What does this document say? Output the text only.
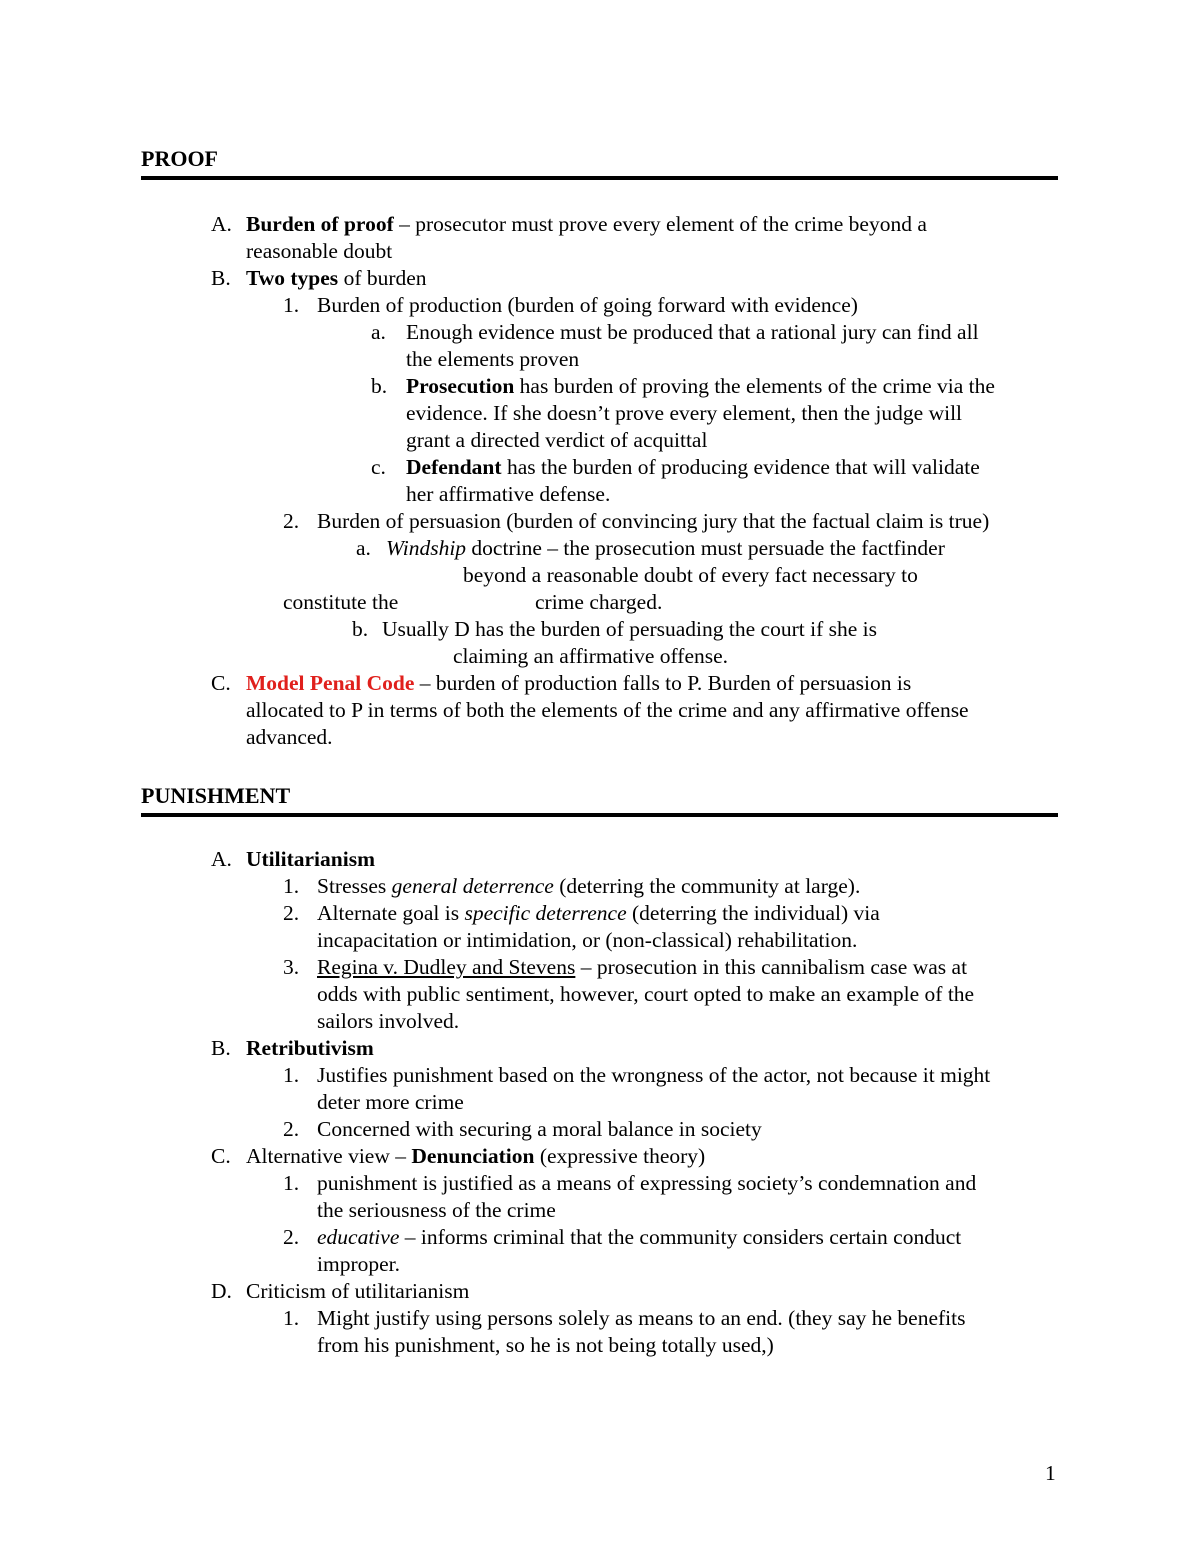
PROOF
A. Burden of proof – prosecutor must prove every element of the crime beyond a
reasonable doubt
B. Two types of burden
1. Burden of production (burden of going forward with evidence)
a. Enough evidence must be produced that a rational jury can find all
the elements proven
b. Prosecution has burden of proving the elements of the crime via the
evidence. If she doesn’t prove every element, then the judge will
grant a directed verdict of acquittal
c. Defendant has the burden of producing evidence that will validate
her affirmative defense.
2. Burden of persuasion (burden of convincing jury that the factual claim is true)
a. Windship doctrine – the prosecution must persuade the factfinder
beyond a reasonable doubt of every fact necessary to
constitute the	crime charged.
b. Usually D has the burden of persuading the court if she is
claiming an affirmative offense.
C. Model Penal Code – burden of production falls to P. Burden of persuasion is
allocated to P in terms of both the elements of the crime and any affirmative offense
advanced.
PUNISHMENT
A. Utilitarianism
1. Stresses general deterrence (deterring the community at large).
2. Alternate goal is specific deterrence (deterring the individual) via
incapacitation or intimidation, or (non-classical) rehabilitation.
3. Regina v. Dudley and Stevens – prosecution in this cannibalism case was at
odds with public sentiment, however, court opted to make an example of the
sailors involved.
B. Retributivism
1. Justifies punishment based on the wrongness of the actor, not because it might
deter more crime
2. Concerned with securing a moral balance in society
C. Alternative view – Denunciation (expressive theory)
1. punishment is justified as a means of expressing society’s condemnation and
the seriousness of the crime
2. educative – informs criminal that the community considers certain conduct
improper.
D. Criticism of utilitarianism
1. Might justify using persons solely as means to an end. (they say he benefits
from his punishment, so he is not being totally used,)
1
